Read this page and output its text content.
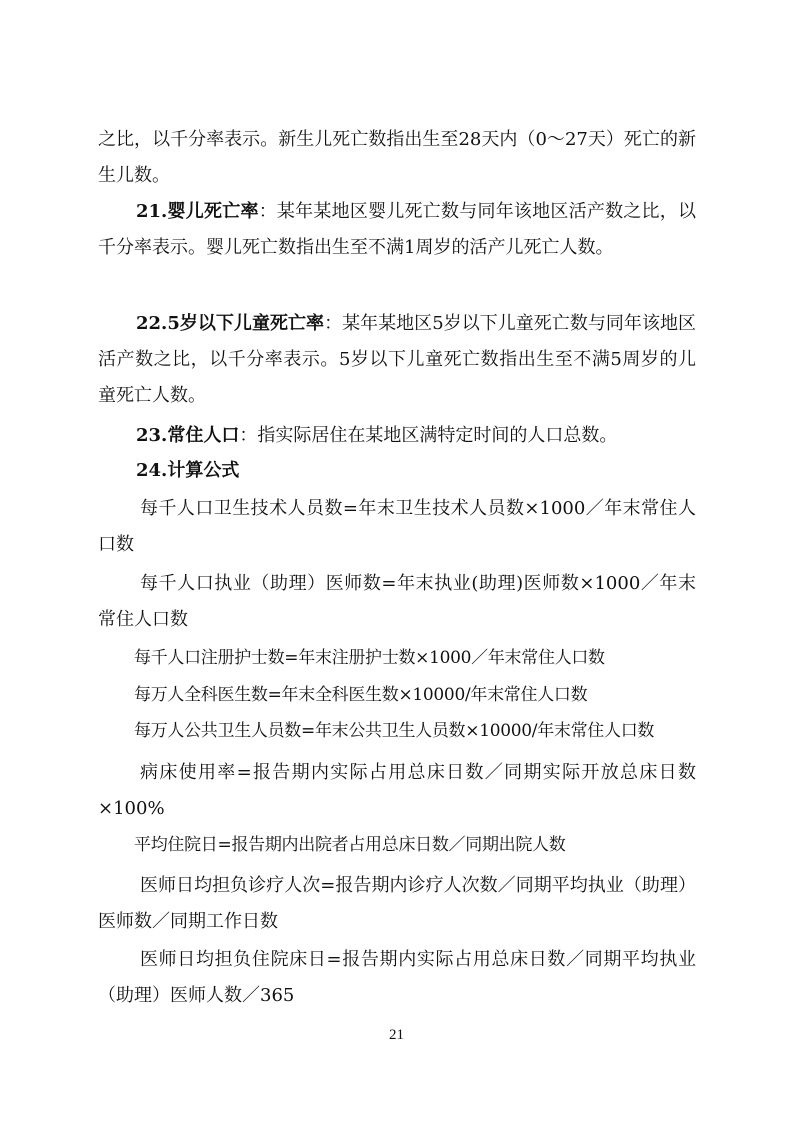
之比，以千分率表示。新生儿死亡数指出生至28天内（0～27天）死亡的新生儿数。

21.婴儿死亡率：某年某地区婴儿死亡数与同年该地区活产数之比，以千分率表示。婴儿死亡数指出生至不满1周岁的活产儿死亡人数。

22.5岁以下儿童死亡率：某年某地区5岁以下儿童死亡数与同年该地区活产数之比，以千分率表示。5岁以下儿童死亡数指出生至不满5周岁的儿童死亡人数。

23.常住人口：指实际居住在某地区满特定时间的人口总数。

24.计算公式

每千人口卫生技术人员数=年末卫生技术人员数×1000／年末常住人口数

每千人口执业（助理）医师数=年末执业(助理)医师数×1000／年末常住人口数

每千人口注册护士数=年末注册护士数×1000／年末常住人口数

每万人全科医生数=年末全科医生数×10000/年末常住人口数

每万人公共卫生人员数=年末公共卫生人员数×10000/年末常住人口数

病床使用率=报告期内实际占用总床日数／同期实际开放总床日数×100%

平均住院日=报告期内出院者占用总床日数／同期出院人数

医师日均担负诊疗人次=报告期内诊疗人次数／同期平均执业（助理）医师数／同期工作日数

医师日均担负住院床日=报告期内实际占用总床日数／同期平均执业（助理）医师人数／365

21
